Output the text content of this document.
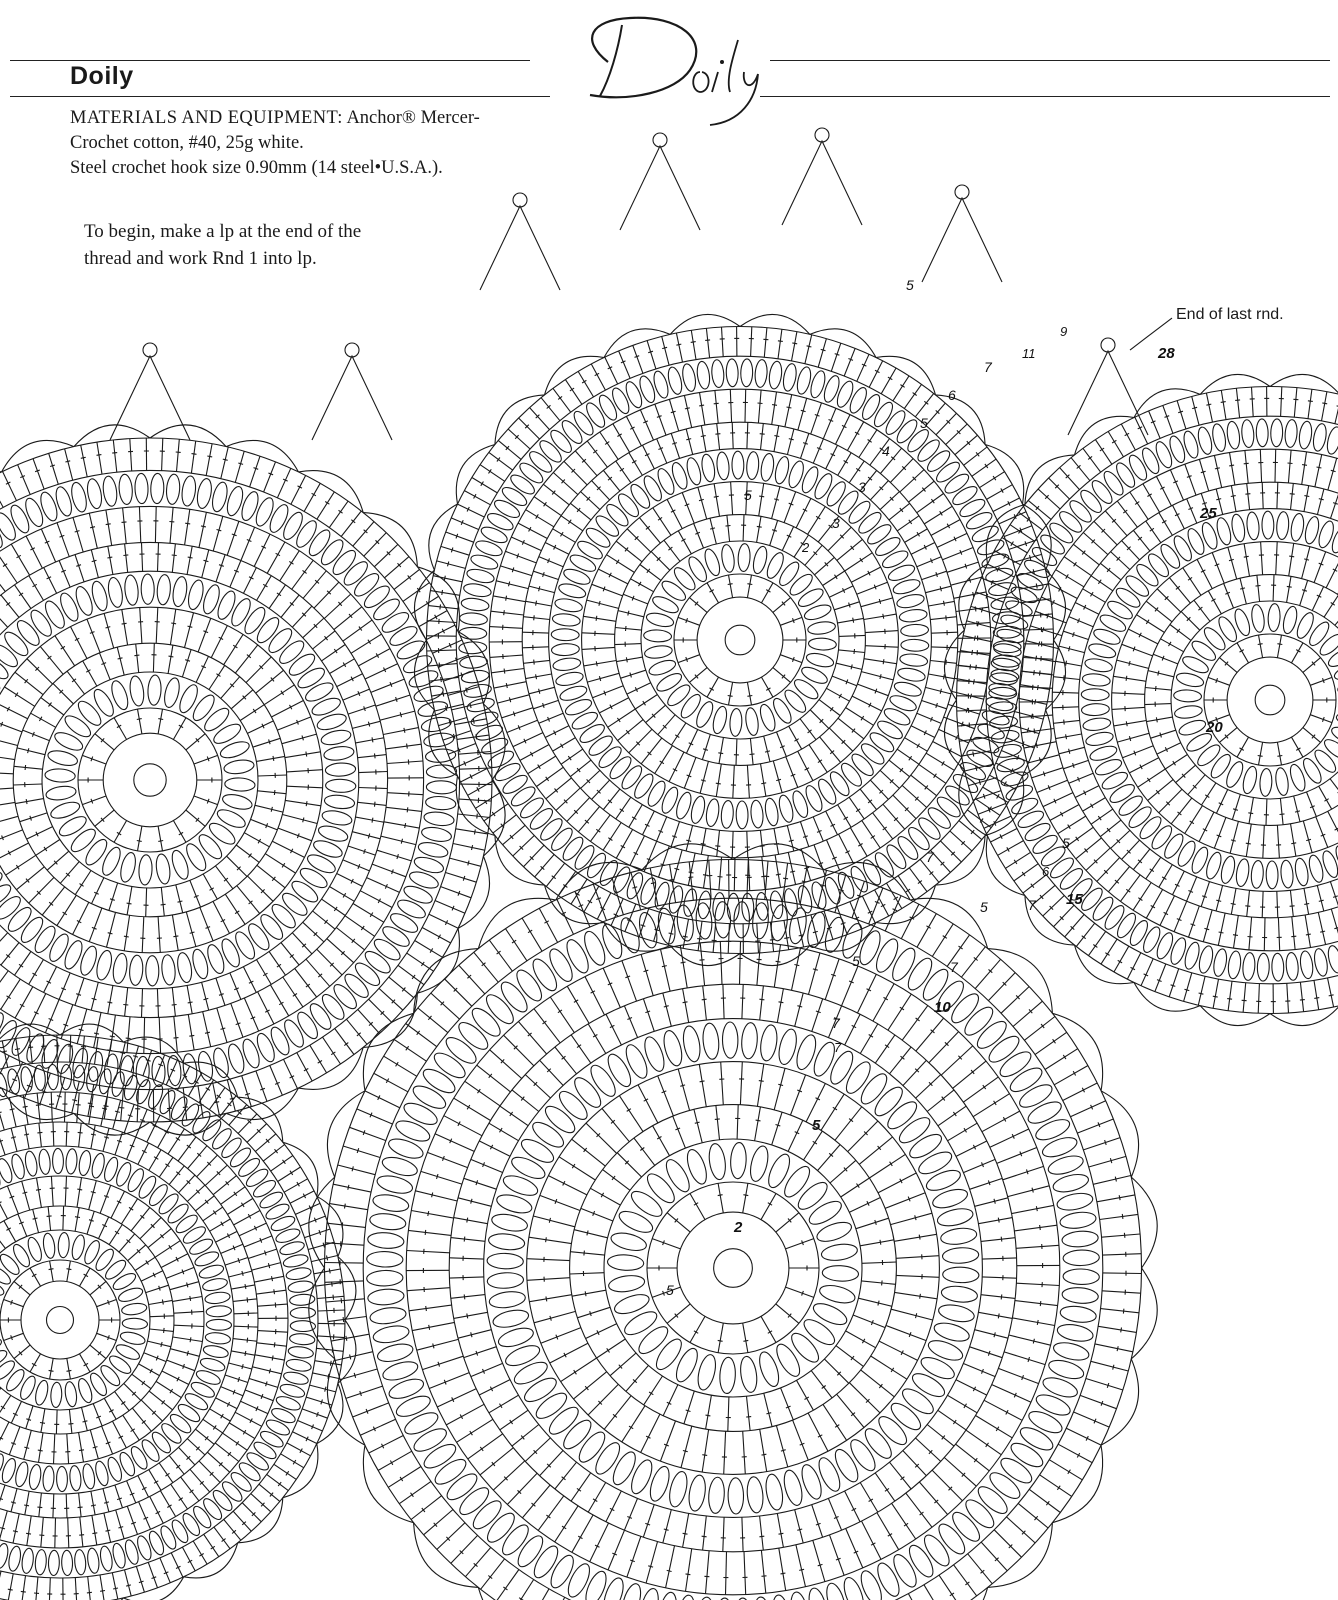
Doily
MATERIALS AND EQUIPMENT: Anchor® Mercer-
Crochet cotton, #40, 25g white.
Steel crochet hook size 0.90mm (14 steel•U.S.A.).
To begin, make a lp at the end of the
thread and work Rnd 1 into lp.
End of last rnd.
2
5
5
7
10
15
20
25
28
2
3
3
4
5
5
5
6
7
9
11
5
6
7
7
7
5
5
7
